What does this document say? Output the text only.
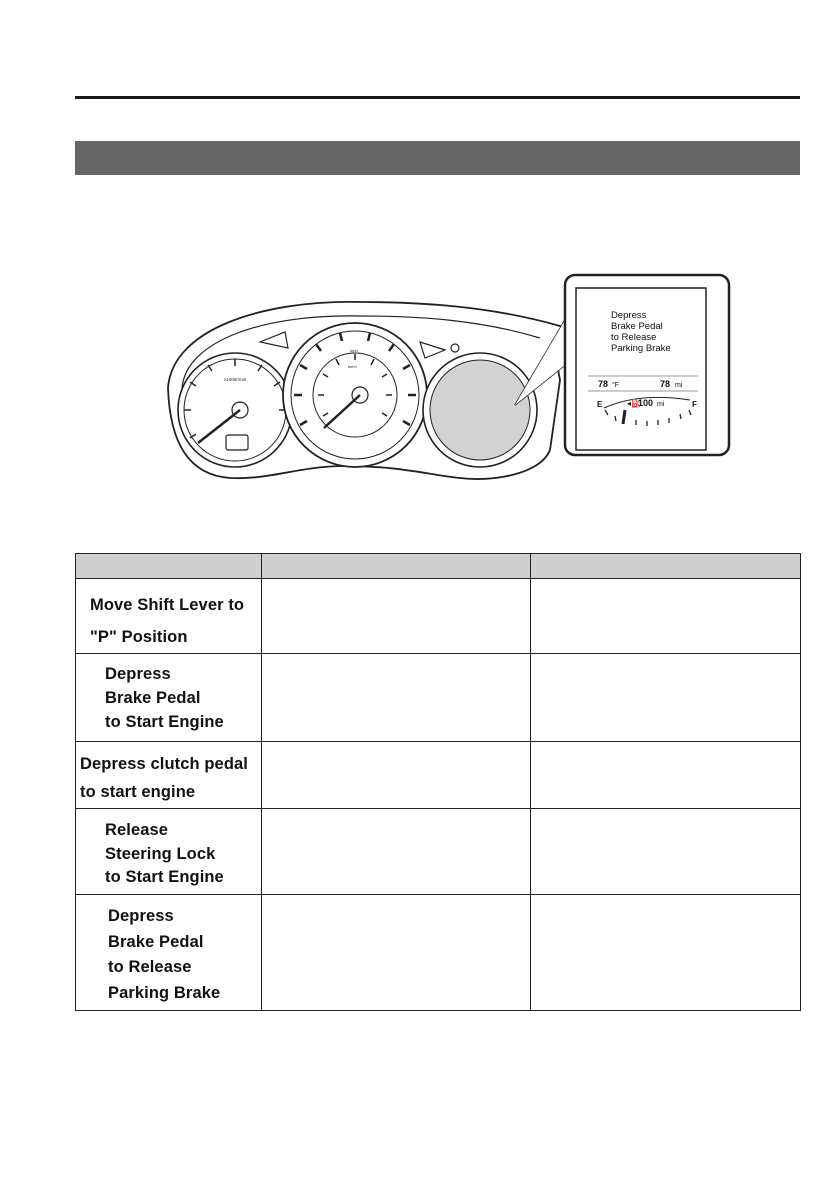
x1000r/min
mph
km/h
Depress Brake Pedal to Release Parking Brake
78 °F	78 mi
E	F
◂⛽
100 mi

Move Shift Lever to
"P" Position		

Depress
Brake Pedal
to Start Engine		

Depress clutch pedal
to start engine		

Release
Steering Lock
to Start Engine		

Depress
Brake Pedal
to Release
Parking Brake		
